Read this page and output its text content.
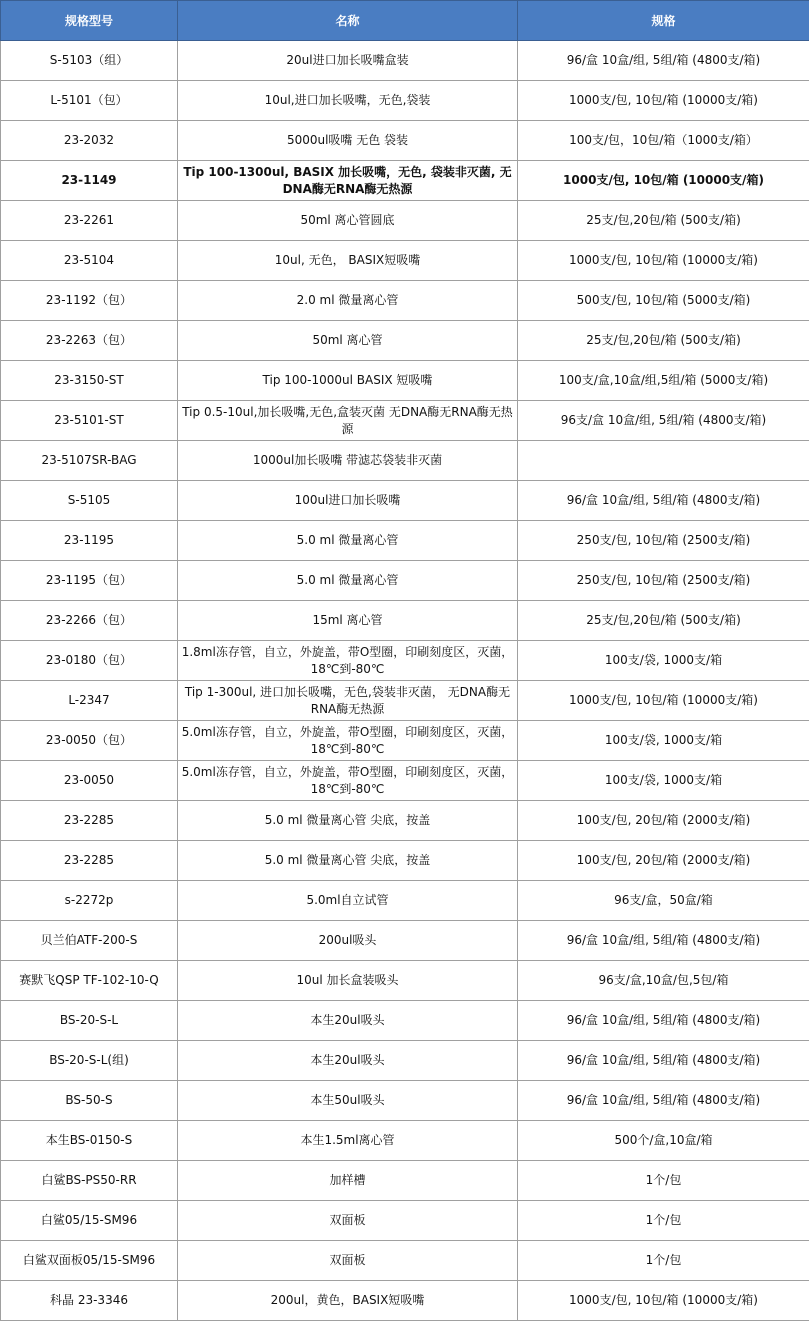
规格型号	名称	规格
S-5103（组）	20ul进口加长吸嘴盒装	96/盒 10盒/组, 5组/箱 (4800支/箱)
L-5101（包）	10ul,进口加长吸嘴，无色,袋装	1000支/包, 10包/箱 (10000支/箱)
23-2032	5000ul吸嘴 无色 袋装	100支/包，10包/箱（1000支/箱）
23-1149	Tip 100-1300ul, BASIX 加长吸嘴，无色, 袋装非灭菌, 无DNA酶无RNA酶无热源	1000支/包, 10包/箱 (10000支/箱)
23-2261	50ml 离心管圆底	25支/包,20包/箱 (500支/箱)
23-5104	10ul, 无色， BASIX短吸嘴	1000支/包, 10包/箱 (10000支/箱)
23-1192（包）	2.0 ml 微量离心管	500支/包, 10包/箱 (5000支/箱)
23-2263（包）	50ml 离心管	25支/包,20包/箱 (500支/箱)
23-3150-ST	Tip 100-1000ul BASIX 短吸嘴	100支/盒,10盒/组,5组/箱 (5000支/箱)
23-5101-ST	Tip 0.5-10ul,加长吸嘴,无色,盒装灭菌 无DNA酶无RNA酶无热源	96支/盒 10盒/组, 5组/箱 (4800支/箱)
23-5107SR-BAG	1000ul加长吸嘴 带滤芯袋装非灭菌	
S-5105	100ul进口加长吸嘴	96/盒 10盒/组, 5组/箱 (4800支/箱)
23-1195	5.0 ml 微量离心管	250支/包, 10包/箱 (2500支/箱)
23-1195（包）	5.0 ml 微量离心管	250支/包, 10包/箱 (2500支/箱)
23-2266（包）	15ml 离心管	25支/包,20包/箱 (500支/箱)
23-0180（包）	1.8ml冻存管，自立，外旋盖，带O型圈，印刷刻度区，灭菌，18℃到-80℃	100支/袋, 1000支/箱
L-2347	Tip 1-300ul, 进口加长吸嘴，无色,袋装非灭菌， 无DNA酶无RNA酶无热源	1000支/包, 10包/箱 (10000支/箱)
23-0050（包）	5.0ml冻存管，自立，外旋盖，带O型圈，印刷刻度区，灭菌，18℃到-80℃	100支/袋, 1000支/箱
23-0050	5.0ml冻存管，自立，外旋盖，带O型圈，印刷刻度区，灭菌，18℃到-80℃	100支/袋, 1000支/箱
23-2285	5.0 ml 微量离心管 尖底，按盖	100支/包, 20包/箱 (2000支/箱)
23-2285	5.0 ml 微量离心管 尖底，按盖	100支/包, 20包/箱 (2000支/箱)
s-2272p	5.0ml自立试管	96支/盒，50盒/箱
贝兰伯ATF-200-S	200ul吸头	96/盒 10盒/组, 5组/箱 (4800支/箱)
赛默飞QSP TF-102-10-Q	10ul 加长盒装吸头	96支/盒,10盒/包,5包/箱
BS-20-S-L	本生20ul吸头	96/盒 10盒/组, 5组/箱 (4800支/箱)
BS-20-S-L(组)	本生20ul吸头	96/盒 10盒/组, 5组/箱 (4800支/箱)
BS-50-S	本生50ul吸头	96/盒 10盒/组, 5组/箱 (4800支/箱)
本生BS-0150-S	本生1.5ml离心管	500个/盒,10盒/箱
白鲨BS-PS50-RR	加样槽	1个/包
白鲨05/15-SM96	双面板	1个/包
白鲨双面板05/15-SM96	双面板	1个/包
科晶 23-3346	200ul，黄色，BASIX短吸嘴	1000支/包, 10包/箱 (10000支/箱)
